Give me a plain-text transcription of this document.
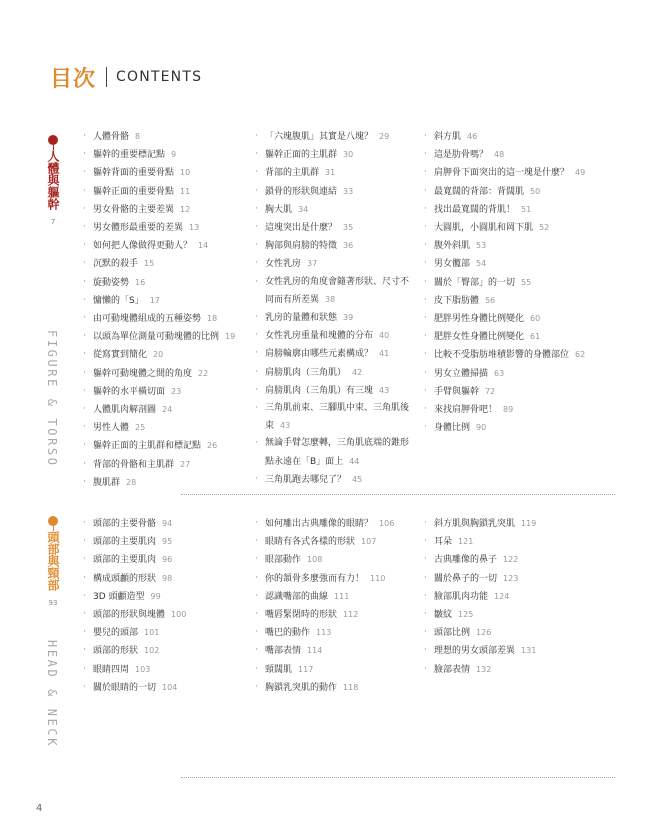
目次 CONTENTS
人體與軀幹
7
FIGURE & TORSO
· 人體骨骼 8
· 軀幹的重要標記點 9
· 軀幹背面的重要骨點 10
· 軀幹正面的重要骨點 11
· 男女骨骼的主要差異 12
· 男女體形最重要的差異 13
· 如何把人像做得更動人？ 14
· 沉默的殺手 15
· 旋動姿勢 16
· 慵懶的「S」 17
· 由可動塊體組成的五種姿勢 18
· 以頭為單位測量可動塊體的比例 19
· 從寫實到簡化 20
· 軀幹可動塊體之間的角度 22
· 軀幹的水平橫切面 23
· 人體肌肉解剖圖 24
· 男性人體 25
· 軀幹正面的主肌群和標記點 26
· 背部的骨骼和主肌群 27
· 腹肌群 28
· 「六塊腹肌」其實是八塊？ 29
· 軀幹正面的主肌群 30
· 背部的主肌群 31
· 鎖骨的形狀與連結 33
· 胸大肌 34
· 這塊突出是什麼？ 35
· 胸部與肩膀的特徵 36
· 女性乳房 37
· 女性乳房的角度會隨著形狀、尺寸不同而有所差異 38
· 乳房的量體和狀態 39
· 女性乳房重量和塊體的分布 40
· 肩膀輪廓由哪些元素構成？ 41
· 肩膀肌肉（三角肌） 42
· 肩膀肌肉（三角肌）有三塊 43
· 三角肌前束、三腳肌中束、三角肌後束 43
· 無論手臂怎麼轉，三角肌底端的錐形點永遠在「B」面上 44
· 三角肌跑去哪兒了？ 45
· 斜方肌 46
· 這是肋骨嗎？ 48
· 肩胛骨下面突出的這一塊是什麼？ 49
· 最寬闊的背部：背闊肌 50
· 找出最寬闊的背肌！ 51
· 大圓肌，小圓肌和岡下肌 52
· 腹外斜肌 53
· 男女髖部 54
· 關於「臀部」的一切 55
· 皮下脂肪體 56
· 肥胖男性身體比例變化 60
· 肥胖女性身體比例變化 61
· 比較不受脂肪堆積影響的身體部位 62
· 男女立體掃描 63
· 手臂與軀幹 72
· 來找肩胛骨吧！ 89
· 身體比例 90
頭部與頸部
93
HEAD & NECK
· 頭部的主要骨骼 94
· 頭部的主要肌肉 95
· 頭部的主要肌肉 96
· 構成頭顱的形狀 98
· 3D 頭顱造型 99
· 頭部的形狀與塊體 100
· 嬰兒的頭部 101
· 頭部的形狀 102
· 眼睛四周 103
· 關於眼睛的一切 104
· 如何雕出古典雕像的眼睛？ 106
· 眼睛有各式各樣的形狀 107
· 眼部動作 108
· 你的頷骨多麼強而有力！ 110
· 認識嘴部的曲線 111
· 嘴唇緊閉時的形狀 112
· 嘴巴的動作 113
· 嘴部表情 114
· 頸闊肌 117
· 胸鎖乳突肌的動作 118
· 斜方肌與胸鎖乳突肌 119
· 耳朵 121
· 古典雕像的鼻子 122
· 關於鼻子的一切 123
· 臉部肌肉功能 124
· 皺紋 125
· 頭部比例 126
· 理想的男女頭部差異 131
· 臉部表情 132
4
